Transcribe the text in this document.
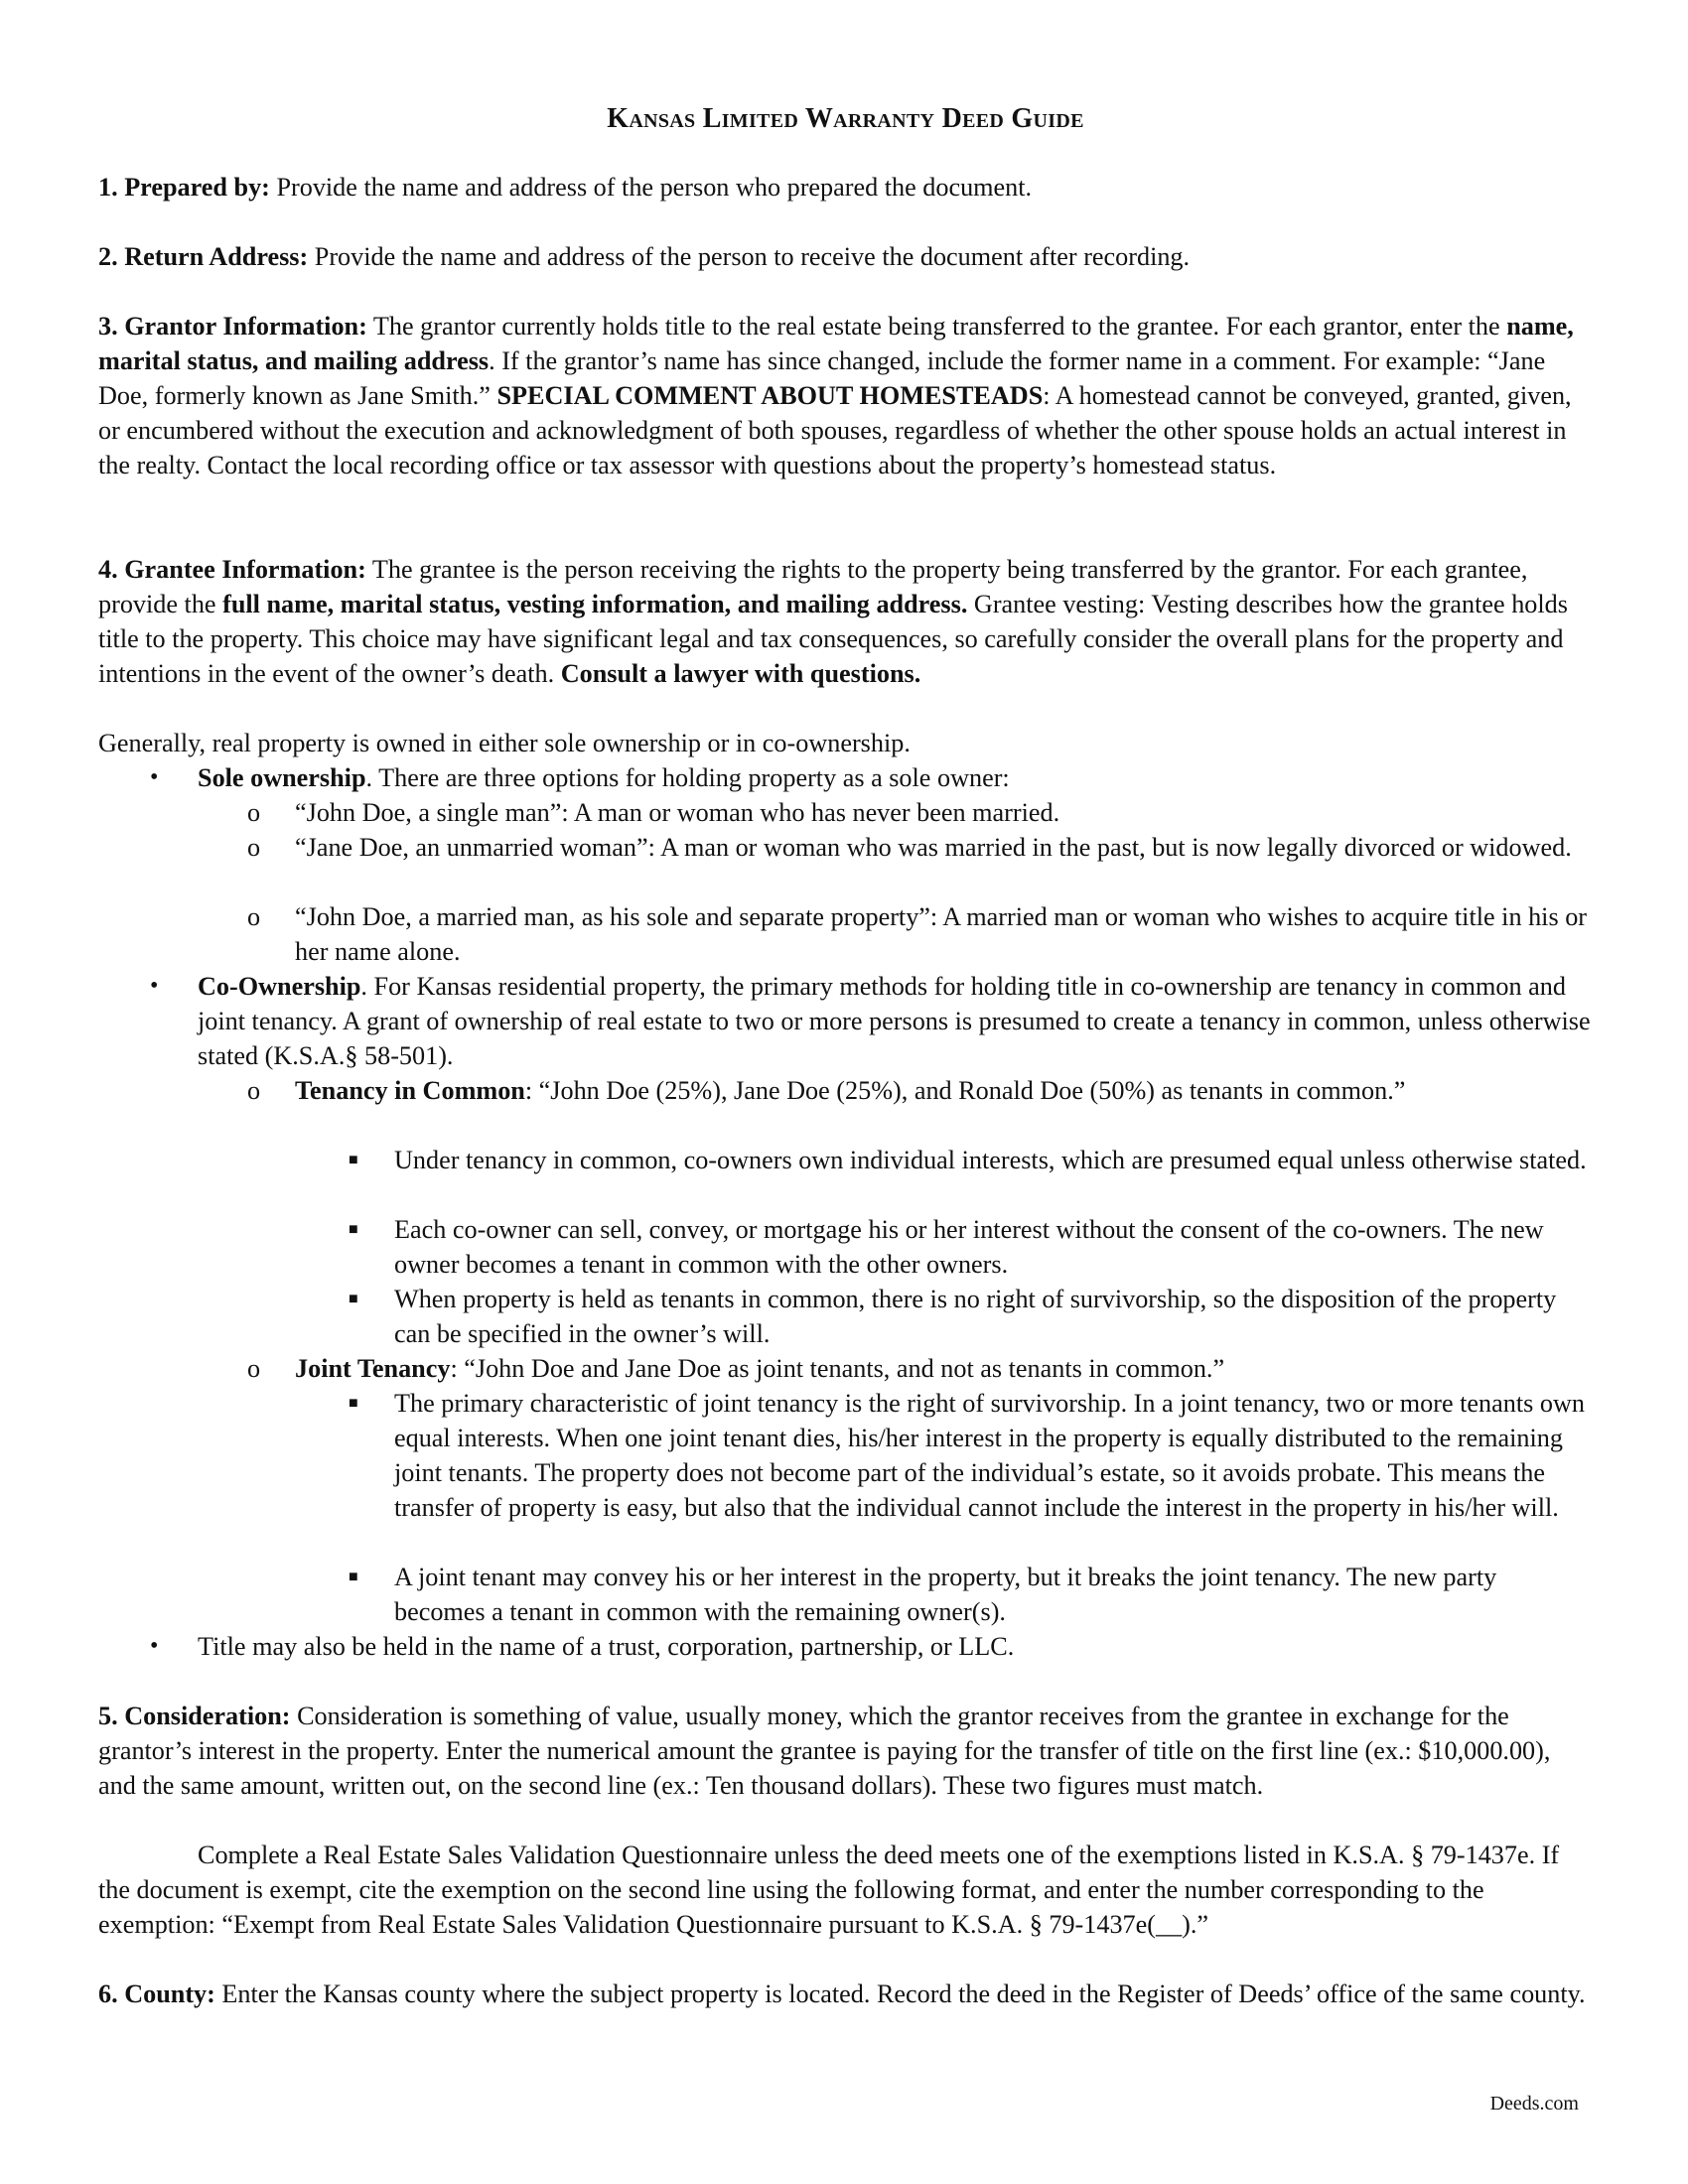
Kansas Limited Warranty Deed Guide

1. Prepared by: Provide the name and address of the person who prepared the document.

2. Return Address: Provide the name and address of the person to receive the document after recording.

3. Grantor Information: The grantor currently holds title to the real estate being transferred to the grantee. For each grantor, enter the name, marital status, and mailing address. If the grantor’s name has since changed, include the former name in a comment. For example: “Jane Doe, formerly known as Jane Smith.” SPECIAL COMMENT ABOUT HOMESTEADS: A homestead cannot be conveyed, granted, given, or encumbered without the execution and acknowledgment of both spouses, regardless of whether the other spouse holds an actual interest in the realty. Contact the local recording office or tax assessor with questions about the property’s homestead status.

4. Grantee Information: The grantee is the person receiving the rights to the property being transferred by the grantor. For each grantee, provide the full name, marital status, vesting information, and mailing address. Grantee vesting: Vesting describes how the grantee holds title to the property. This choice may have significant legal and tax consequences, so carefully consider the overall plans for the property and intentions in the event of the owner’s death. Consult a lawyer with questions.

Generally, real property is owned in either sole ownership or in co-ownership.

• Sole ownership. There are three options for holding property as a sole owner:

o “John Doe, a single man”: A man or woman who has never been married.

o “Jane Doe, an unmarried woman”: A man or woman who was married in the past, but is now legally divorced or widowed.

o “John Doe, a married man, as his sole and separate property”: A married man or woman who wishes to acquire title in his or her name alone.

• Co-Ownership. For Kansas residential property, the primary methods for holding title in co-ownership are tenancy in common and joint tenancy. A grant of ownership of real estate to two or more persons is presumed to create a tenancy in common, unless otherwise stated (K.S.A.§ 58-501).

o Tenancy in Common: “John Doe (25%), Jane Doe (25%), and Ronald Doe (50%) as tenants in common.”

■ Under tenancy in common, co-owners own individual interests, which are presumed equal unless otherwise stated.

■ Each co-owner can sell, convey, or mortgage his or her interest without the consent of the co-owners. The new owner becomes a tenant in common with the other owners.

■ When property is held as tenants in common, there is no right of survivorship, so the disposition of the property can be specified in the owner’s will.

o Joint Tenancy: “John Doe and Jane Doe as joint tenants, and not as tenants in common.”

■ The primary characteristic of joint tenancy is the right of survivorship. In a joint tenancy, two or more tenants own equal interests. When one joint tenant dies, his/her interest in the property is equally distributed to the remaining joint tenants. The property does not become part of the individual’s estate, so it avoids probate. This means the transfer of property is easy, but also that the individual cannot include the interest in the property in his/her will.

■ A joint tenant may convey his or her interest in the property, but it breaks the joint tenancy. The new party becomes a tenant in common with the remaining owner(s).

• Title may also be held in the name of a trust, corporation, partnership, or LLC.

5. Consideration: Consideration is something of value, usually money, which the grantor receives from the grantee in exchange for the grantor’s interest in the property. Enter the numerical amount the grantee is paying for the transfer of title on the first line (ex.: $10,000.00), and the same amount, written out, on the second line (ex.: Ten thousand dollars). These two figures must match.

Complete a Real Estate Sales Validation Questionnaire unless the deed meets one of the exemptions listed in K.S.A. § 79-1437e. If the document is exempt, cite the exemption on the second line using the following format, and enter the number corresponding to the exemption: “Exempt from Real Estate Sales Validation Questionnaire pursuant to K.S.A. § 79-1437e(__).”

6. County: Enter the Kansas county where the subject property is located. Record the deed in the Register of Deeds’ office of the same county.

Deeds.com
